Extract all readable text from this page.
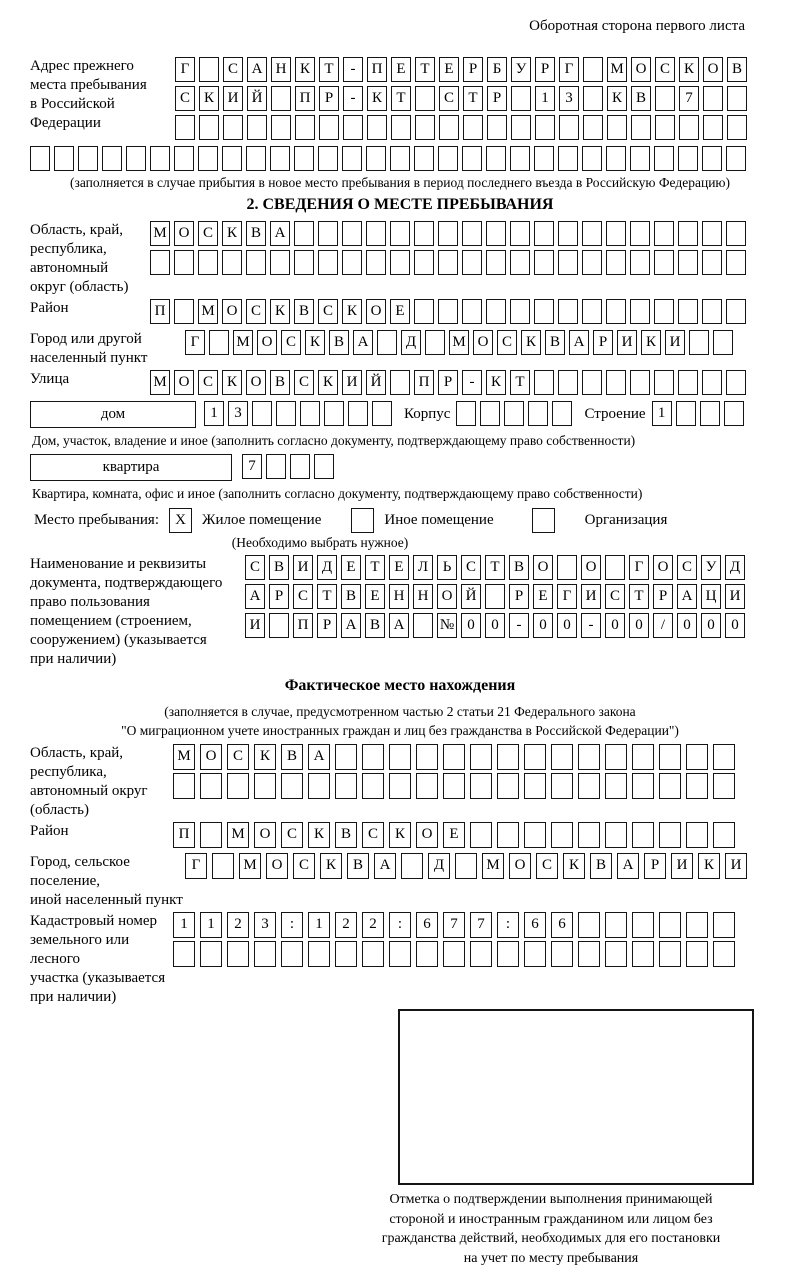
Оборотная сторона первого листа
Адрес прежнего
места пребывания
в Российской
Федерации
Г	С А Н К Т - П Е Т Е Р Б У Р Г М О С К О В
С К И Й П Р - К Т	С Т Р	1 3	К В	7
(заполняется в случае прибытия в новое место пребывания в период последнего въезда в Российскую Федерацию)
2. СВЕДЕНИЯ О МЕСТЕ ПРЕБЫВАНИЯ
Область, край,
республика,
автономный
округ (область)
М О С К В А
Район	П М О С К В С К О Е
Город или другой
населенный пункт
Г М О С К В А Д М О С К В А Р И К И
Улица	М О С К О В С К И Й П Р - К Т
дом	1 3	Корпус	Строение 1
Дом, участок, владение и иное (заполнить согласно документу, подтверждающему право собственности)
квартира	7
Квартира, комната, офис и иное (заполнить согласно документу, подтверждающему право собственности)
Место пребывания:	X	Жилое помещение	Иное помещение	Организация
(Необходимо выбрать нужное)
Наименование и реквизиты
документа, подтверждающего
право пользования
помещением (строением,
сооружением) (указывается
при наличии)
С В И Д Е Т Е Л Ь С Т В О О	Г О С У Д
А Р С Т В Е Н Н О Й	Р Е Г И С Т Р А Ц И
И П Р А В А № 0 0 - 0 0 - 0 0 / 0 0 0
Фактическое место нахождения
(заполняется в случае, предусмотренном частью 2 статьи 21 Федерального закона
"О миграционном учете иностранных граждан и лиц без гражданства в Российской Федерации")
Область, край,
республика,
автономный округ
(область)
М О С К В А
Район	П	М О С К В С К О Е
Город, сельское поселение,
иной населенный пункт
Г	М О С К В А	Д	М О С К В А Р И К И
Кадастровый номер
земельного или лесного
участка (указывается
при наличии)
1 1 2 3 : 1 2 2 : 6 7 7 : 6 6
Отметка о подтверждении выполнения принимающей
стороной и иностранным гражданином или лицом без
гражданства действий, необходимых для его постановки
на учет по месту пребывания
